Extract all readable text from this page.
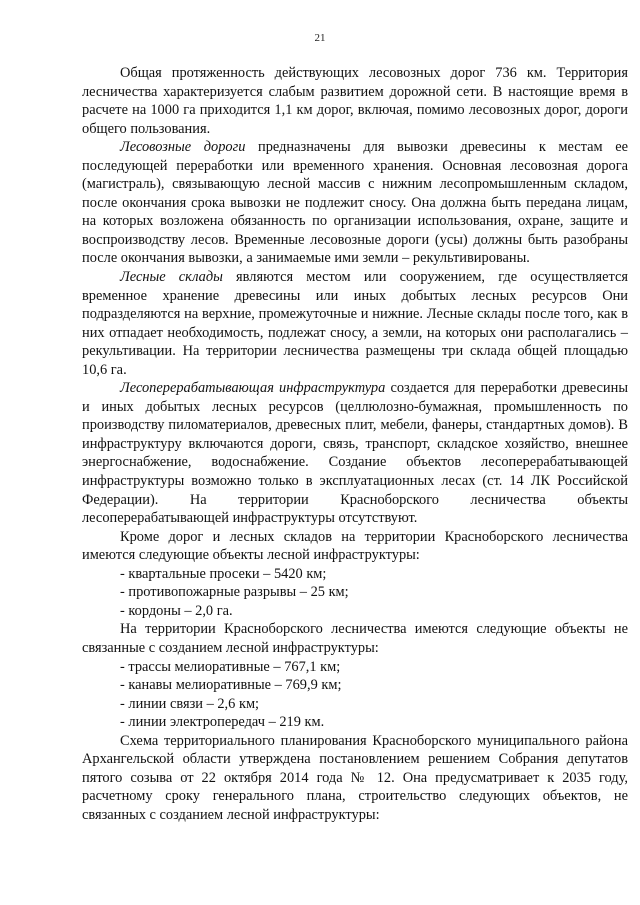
21

Общая протяженность действующих лесовозных дорог 736 км. Территория лесничества характеризуется слабым развитием дорожной сети. В настоящие время в расчете на 1000 га приходится 1,1 км дорог, включая, помимо лесовозных дорог, дороги общего пользования.

Лесовозные дороги предназначены для вывозки древесины к местам ее последующей переработки или временного хранения. Основная лесовозная дорога (магистраль), связывающую лесной массив с нижним лесопромышленным складом, после окончания срока вывозки не подлежит сносу. Она должна быть передана лицам, на которых возложена обязанность по организации использования, охране, защите и воспроизводству лесов. Временные лесовозные дороги (усы) должны быть разобраны после окончания вывозки, а занимаемые ими земли – рекультивированы.

Лесные склады являются местом или сооружением, где осуществляется временное хранение древесины или иных добытых лесных ресурсов Они подразделяются на верхние, промежуточные и нижние. Лесные склады после того, как в них отпадает необходимость, подлежат сносу, а земли, на которых они располагались – рекультивации. На территории лесничества размещены три склада общей площадью 10,6 га.

Лесоперерабатывающая инфраструктура создается для переработки древесины и иных добытых лесных ресурсов (целлюлозно-бумажная, промышленность по производству пиломатериалов, древесных плит, мебели, фанеры, стандартных домов). В инфраструктуру включаются дороги, связь, транспорт, складское хозяйство, внешнее энергоснабжение, водоснабжение. Создание объектов лесоперерабатывающей инфраструктуры возможно только в эксплуатационных лесах (ст. 14 ЛК Российской Федерации). На территории Красноборского лесничества объекты лесоперерабатывающей инфраструктуры отсутствуют.

Кроме дорог и лесных складов на территории Красноборского лесничества имеются следующие объекты лесной инфраструктуры:

- квартальные просеки – 5420 км;

- противопожарные разрывы – 25 км;

- кордоны – 2,0 га.

На территории Красноборского лесничества имеются следующие объекты не связанные с созданием лесной инфраструктуры:

- трассы мелиоративные – 767,1 км;

- канавы мелиоративные – 769,9 км;

- линии связи – 2,6 км;

- линии электропередач – 219 км.

Схема территориального планирования Красноборского муниципального района Архангельской области утверждена постановлением решением Собрания депутатов пятого созыва от 22 октября 2014 года № 12. Она предусматривает к 2035 году, расчетному сроку генерального плана, строительство следующих объектов, не связанных с созданием лесной инфраструктуры:
